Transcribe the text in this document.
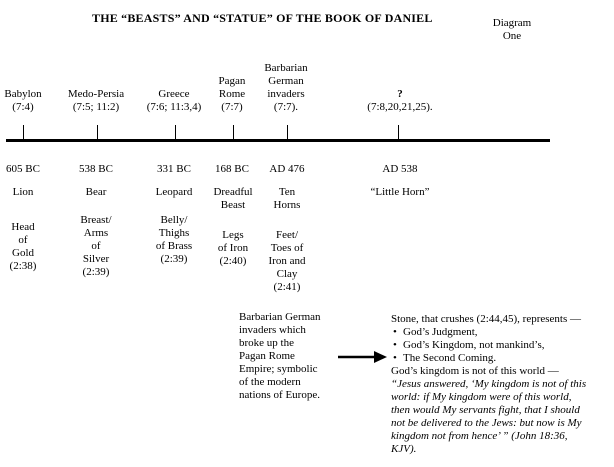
THE “BEASTS” AND “STATUE” OF THE BOOK OF DANIEL	Diagram
One
Babylon
(7:4)
605 BC
Lion
Head
of
Gold
(2:38)
Medo-Persia
(7:5; 11:2)
538 BC
Bear
Breast/
Arms
of
Silver
(2:39)
Greece
(7:6; 11:3,4)
331 BC
Leopard
Belly/
Thighs
of Brass
(2:39)
Pagan
Rome
(7:7)
168 BC
Dreadful
Beast
Legs
of Iron
(2:40)
Barbarian
German
invaders
(7:7).
AD 476
Ten
Horns
Feet/
Toes of
Iron and
Clay
(2:41)
?
(7:8,20,21,25).
AD 538
“Little Horn”
Barbarian German
invaders which
broke up the
Pagan Rome
Empire; symbolic
of the modern
nations of Europe.
Stone, that crushes (2:44,45), represents —
• God’s Judgment,
• God’s Kingdom, not mankind’s,
• The Second Coming.
God’s kingdom is not of this world —
“Jesus answered, ‘My kingdom is not of this
world: if My kingdom were of this world,
then would My servants fight, that I should
not be delivered to the Jews: but now is My
kingdom not from hence’ ” (John 18:36,
KJV).
